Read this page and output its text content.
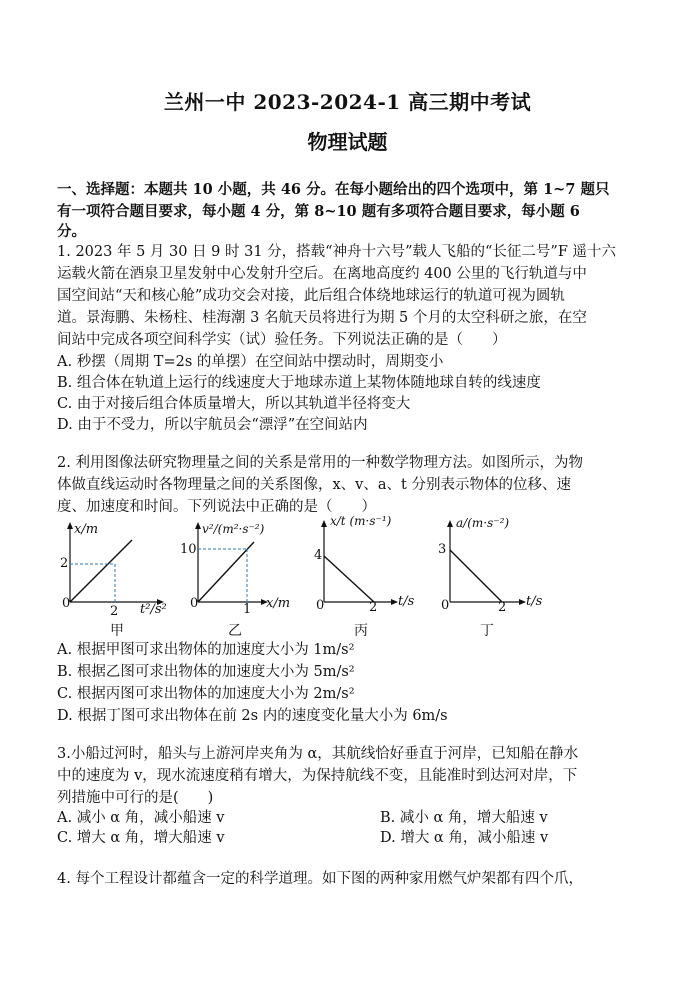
兰州一中 2023-2024-1 高三期中考试
物理试题
一、选择题：本题共 10 小题，共 46 分。在每小题给出的四个选项中，第 1~7 题只
有一项符合题目要求，每小题 4 分，第 8~10 题有多项符合题目要求，每小题 6
分。
1. 2023 年 5 月 30 日 9 时 31 分，搭载“神舟十六号”载人飞船的“长征二号”F 遥十六
运载火箭在酒泉卫星发射中心发射升空后。在离地高度约 400 公里的飞行轨道与中
国空间站“天和核心舱”成功交会对接，此后组合体绕地球运行的轨道可视为圆轨
道。景海鹏、朱杨柱、桂海潮 3 名航天员将进行为期 5 个月的太空科研之旅，在空
间站中完成各项空间科学实（试）验任务。下列说法正确的是（　　）
A. 秒摆（周期 T=2s 的单摆）在空间站中摆动时，周期变小
B. 组合体在轨道上运行的线速度大于地球赤道上某物体随地球自转的线速度
C. 由于对接后组合体质量增大，所以其轨道半径将变大
D. 由于不受力，所以宇航员会“漂浮”在空间站内
2. 利用图像法研究物理量之间的关系是常用的一种数学物理方法。如图所示，为物
体做直线运动时各物理量之间的关系图像，x、v、a、t 分别表示物体的位移、速
度、加速度和时间。下列说法中正确的是（　　）
x/m
2
0
2 t²/s²
甲
v²/(m²·s⁻²)
10
0	1 x/m
乙
x/t (m·s⁻¹)
4
0	2 t/s
丙
a/(m·s⁻²)
3
0	2 t/s
丁
A. 根据甲图可求出物体的加速度大小为 1m/s²
B. 根据乙图可求出物体的加速度大小为 5m/s²
C. 根据丙图可求出物体的加速度大小为 2m/s²
D. 根据丁图可求出物体在前 2s 内的速度变化量大小为 6m/s
3.小船过河时，船头与上游河岸夹角为 α，其航线恰好垂直于河岸，已知船在静水
中的速度为 v，现水流速度稍有增大，为保持航线不变，且能准时到达河对岸，下
列措施中可行的是(　　)
A. 减小 α 角，减小船速 v	B. 减小 α 角，增大船速 v
C. 增大 α 角，增大船速 v	D. 增大 α 角，减小船速 v
4. 每个工程设计都蕴含一定的科学道理。如下图的两种家用燃气炉架都有四个爪，
